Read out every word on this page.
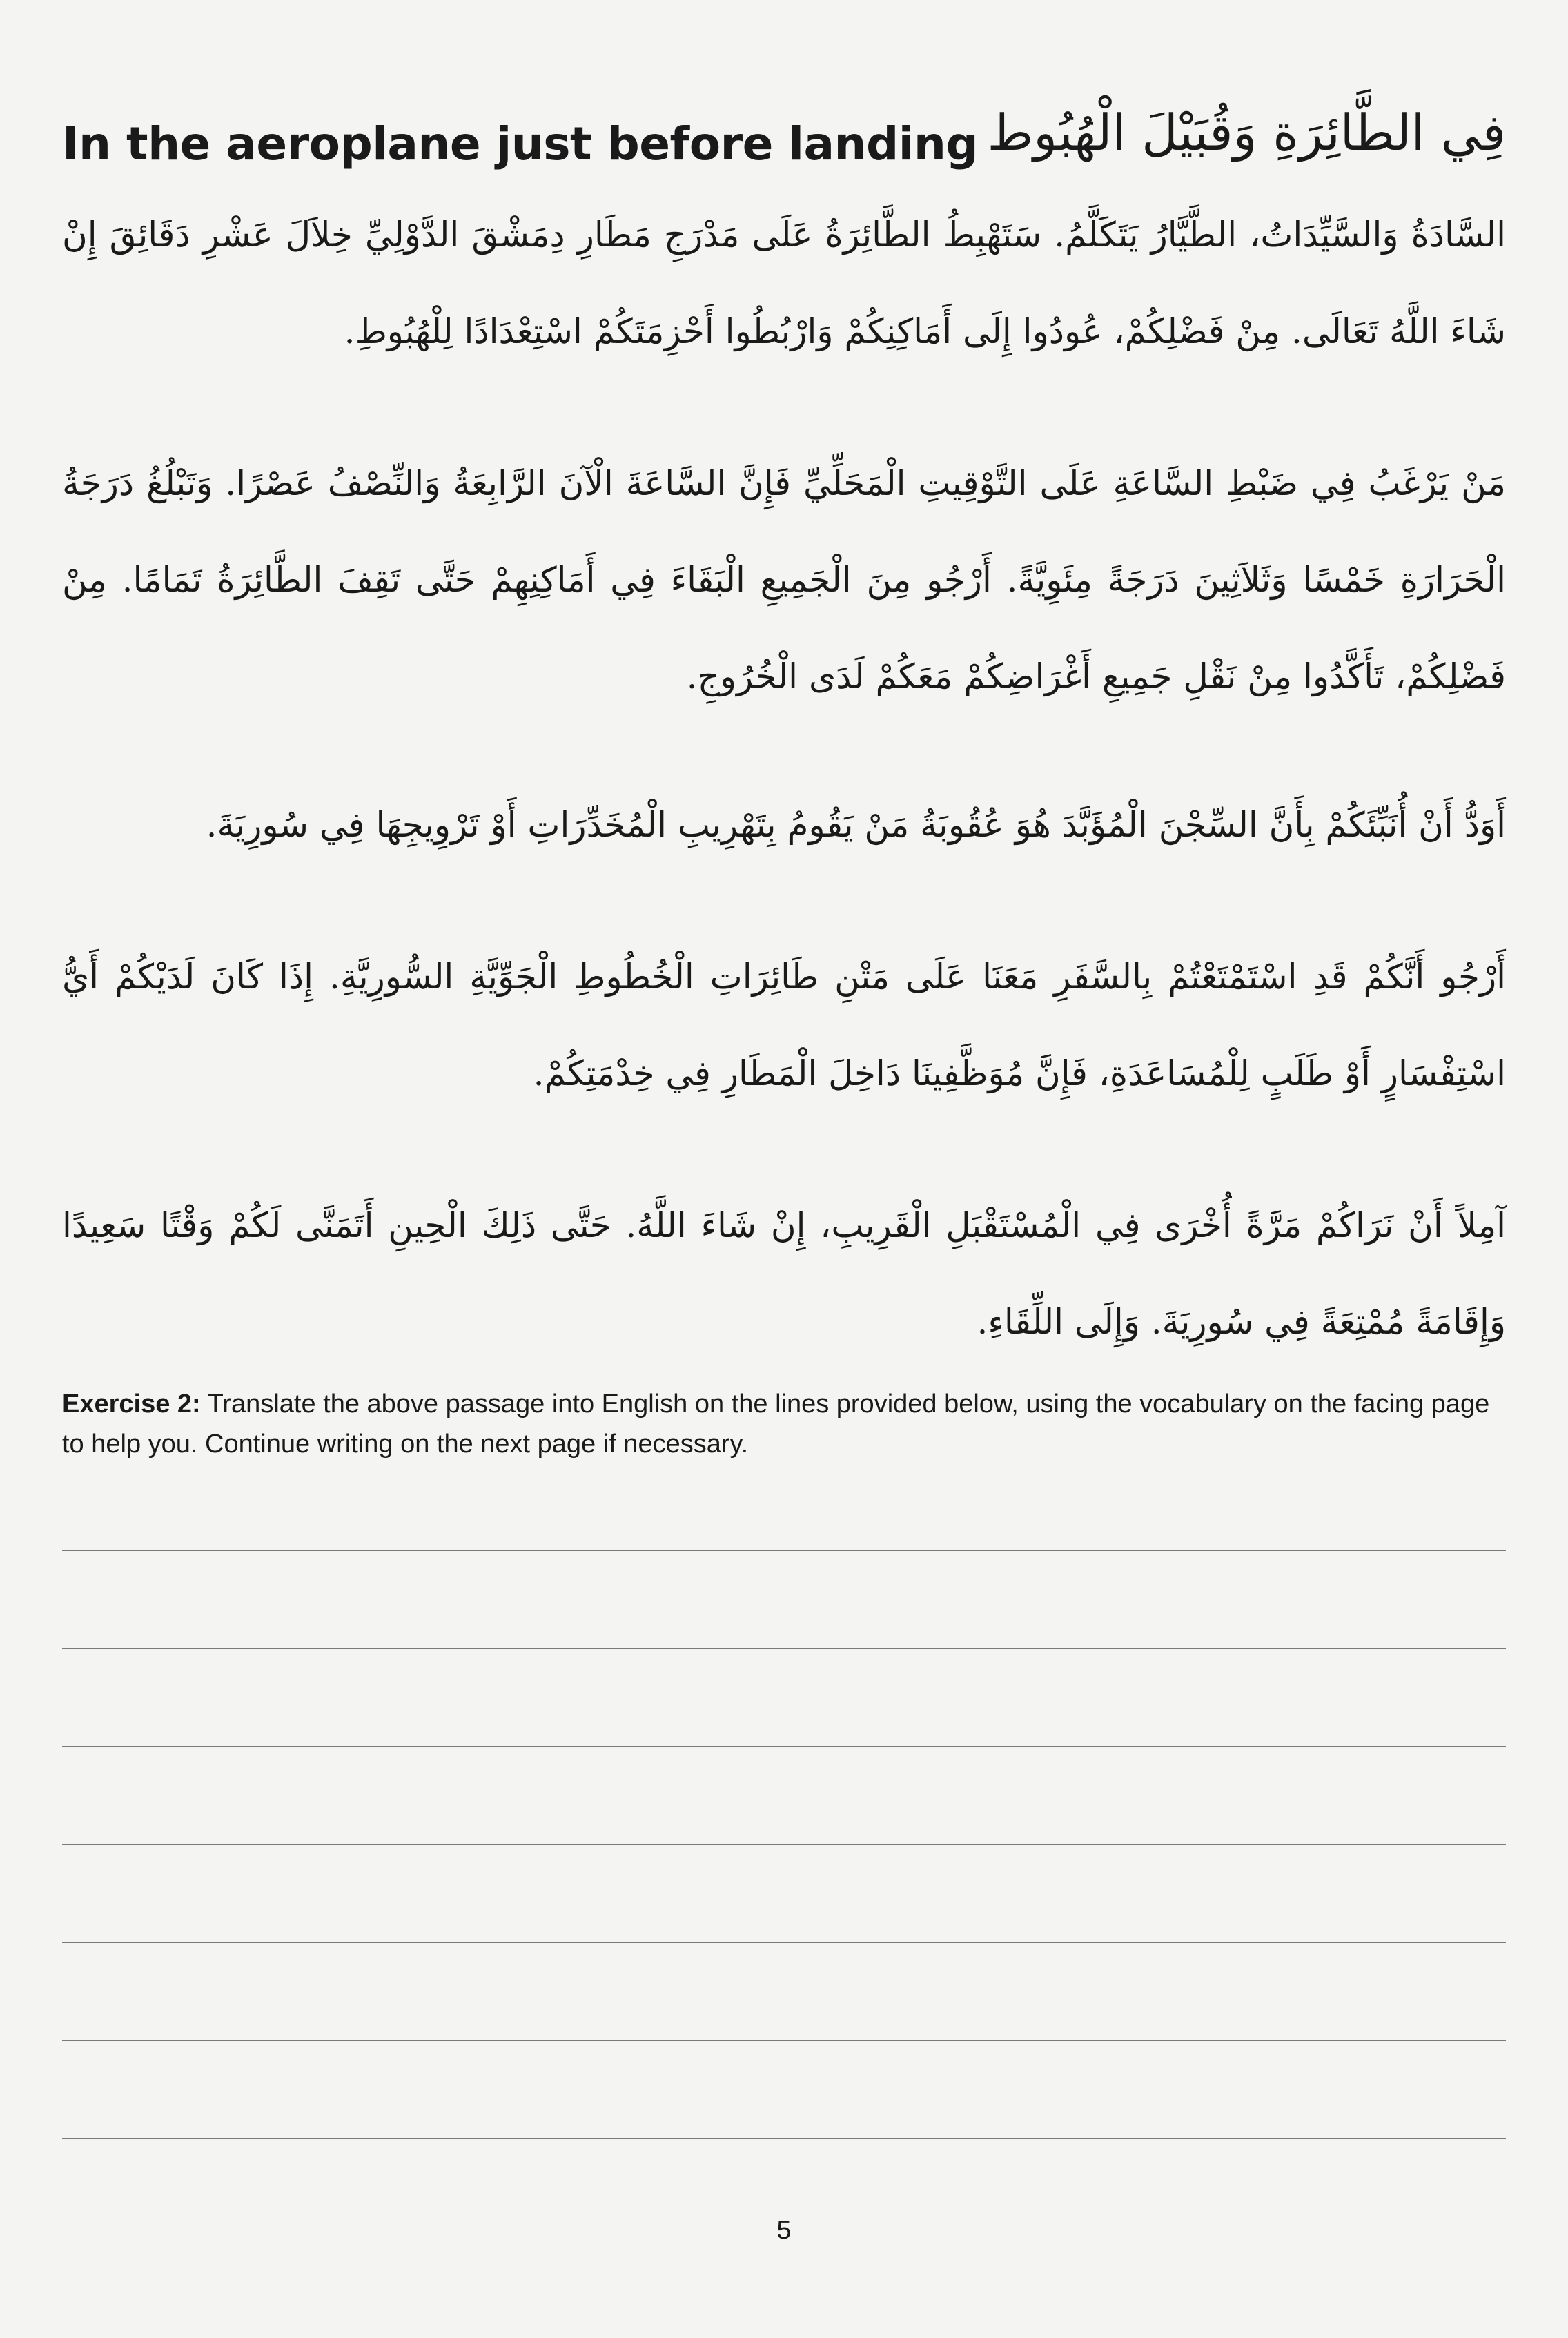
In the aeroplane just before landing فِي الطَّائِرَةِ وَقُبَيْلَ الْهُبُوط
السَّادَةُ وَالسَّيِّدَاتُ، الطَّيَّارُ يَتَكَلَّمُ. سَتَهْبِطُ الطَّائِرَةُ عَلَى مَدْرَجِ مَطَارِ دِمَشْقَ الدَّوْلِيِّ خِلاَلَ عَشْرِ دَقَائِقَ إِنْ شَاءَ اللَّهُ تَعَالَى. مِنْ فَضْلِكُمْ، عُودُوا إِلَى أَمَاكِنِكُمْ وَارْبُطُوا أَحْزِمَتَكُمْ اسْتِعْدَادًا لِلْهُبُوطِ.
مَنْ يَرْغَبُ فِي ضَبْطِ السَّاعَةِ عَلَى التَّوْقِيتِ الْمَحَلِّيِّ فَإِنَّ السَّاعَةَ الْآنَ الرَّابِعَةُ وَالنِّصْفُ عَصْرًا. وَتَبْلُغُ دَرَجَةُ الْحَرَارَةِ خَمْسًا وَثَلاَثِينَ دَرَجَةً مِئَوِيَّةً. أَرْجُو مِنَ الْجَمِيعِ الْبَقَاءَ فِي أَمَاكِنِهِمْ حَتَّى تَقِفَ الطَّائِرَةُ تَمَامًا. مِنْ فَضْلِكُمْ، تَأَكَّدُوا مِنْ نَقْلِ جَمِيعِ أَغْرَاضِكُمْ مَعَكُمْ لَدَى الْخُرُوجِ.
أَوَدُّ أَنْ أُنَبِّئَكُمْ بِأَنَّ السِّجْنَ الْمُؤَبَّدَ هُوَ عُقُوبَةُ مَنْ يَقُومُ بِتَهْرِيبِ الْمُخَدِّرَاتِ أَوْ تَرْوِيجِهَا فِي سُورِيَةَ.
أَرْجُو أَنَّكُمْ قَدِ اسْتَمْتَعْتُمْ بِالسَّفَرِ مَعَنَا عَلَى مَتْنِ طَائِرَاتِ الْخُطُوطِ الْجَوِّيَّةِ السُّورِيَّةِ. إِذَا كَانَ لَدَيْكُمْ أَيُّ اسْتِفْسَارٍ أَوْ طَلَبٍ لِلْمُسَاعَدَةِ، فَإِنَّ مُوَظَّفِينَا دَاخِلَ الْمَطَارِ فِي خِدْمَتِكُمْ.
آمِلاً أَنْ نَرَاكُمْ مَرَّةً أُخْرَى فِي الْمُسْتَقْبَلِ الْقَرِيبِ، إِنْ شَاءَ اللَّهُ. حَتَّى ذَلِكَ الْحِينِ أَتَمَنَّى لَكُمْ وَقْتًا سَعِيدًا وَإِقَامَةً مُمْتِعَةً فِي سُورِيَةَ. وَإِلَى اللِّقَاءِ.
Exercise 2: Translate the above passage into English on the lines provided below, using the vocabulary on the facing page to help you. Continue writing on the next page if necessary.
5
